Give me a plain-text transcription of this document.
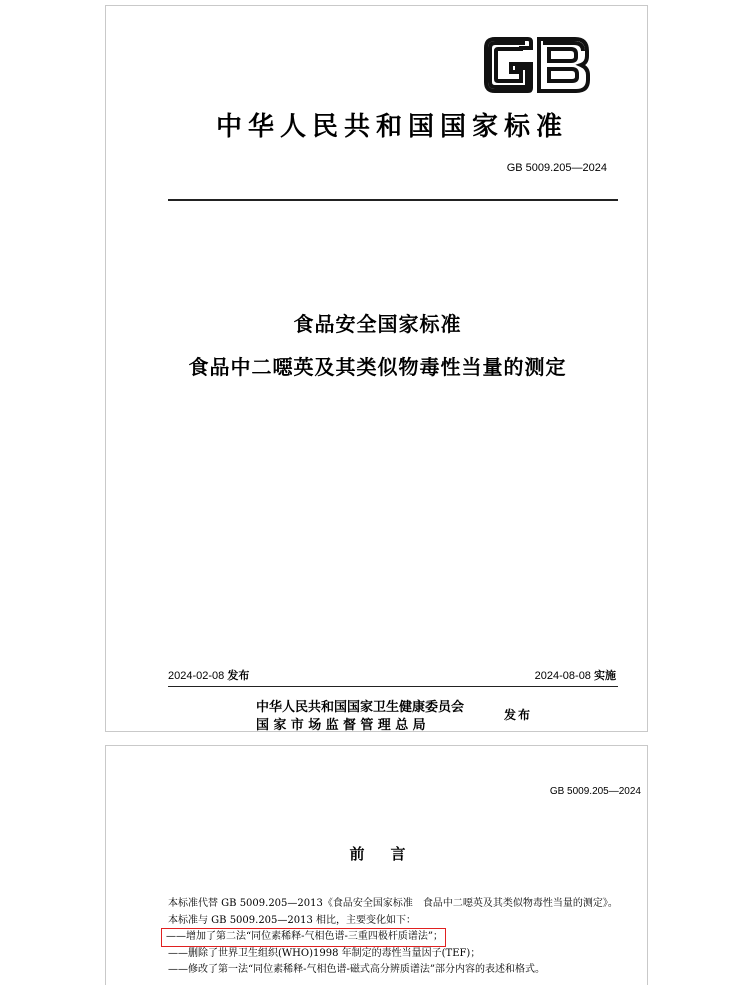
中华人民共和国国家标准
GB 5009.205—2024
食品安全国家标准
食品中二噁英及其类似物毒性当量的测定
2024-02-08 发布	2024-08-08 实施
中华人民共和国国家卫生健康委员会
国家市场监督管理总局
发布
GB 5009.205—2024
前言
本标准代替 GB 5009.205—2013《食品安全国家标准　食品中二噁英及其类似物毒性当量的测定》。
本标准与 GB 5009.205—2013 相比，主要变化如下：
——增加了第二法“同位素稀释-气相色谱-三重四极杆质谱法”；
——删除了世界卫生组织(WHO)1998 年制定的毒性当量因子(TEF)；
——修改了第一法“同位素稀释-气相色谱-磁式高分辨质谱法”部分内容的表述和格式。
